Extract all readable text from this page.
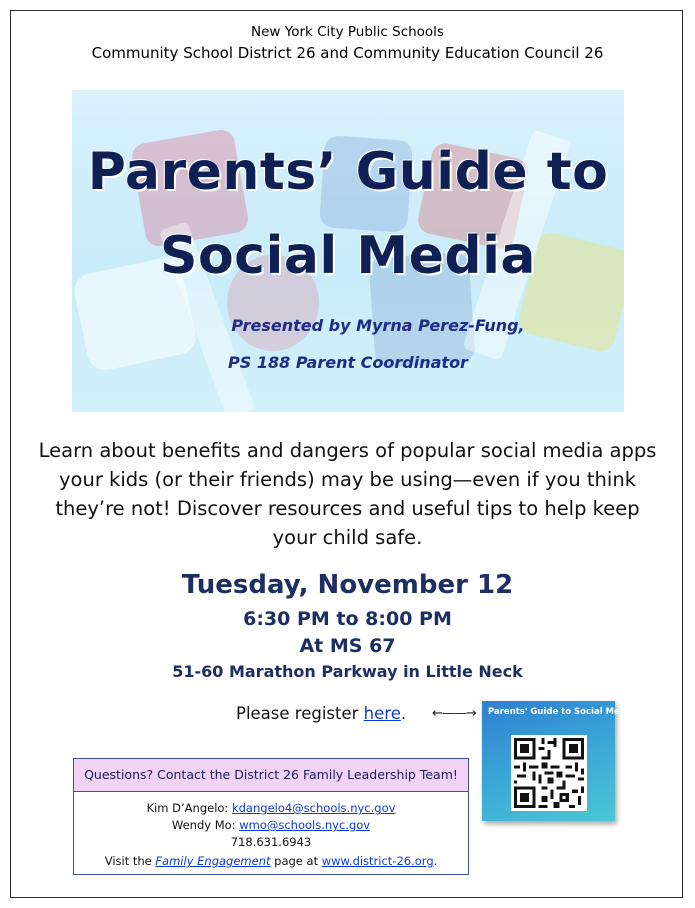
New York City Public Schools
Community School District 26 and Community Education Council 26
Parents’ Guide to
Social Media
Presented by Myrna Perez-Fung,
PS 188 Parent Coordinator
Learn about benefits and dangers of popular social media apps your kids (or their friends) may be using—even if you think they’re not! Discover resources and useful tips to help keep your child safe.
Tuesday, November 12
6:30 PM to 8:00 PM
At MS 67
51-60 Marathon Parkway in Little Neck
Please register here. ←——→ Parents' Guide to Social Media
Questions? Contact the District 26 Family Leadership Team!
Kim D’Angelo: kdangelo4@schools.nyc.gov
Wendy Mo: wmo@schools.nyc.gov
718.631.6943
Visit the Family Engagement page at www.district-26.org.
